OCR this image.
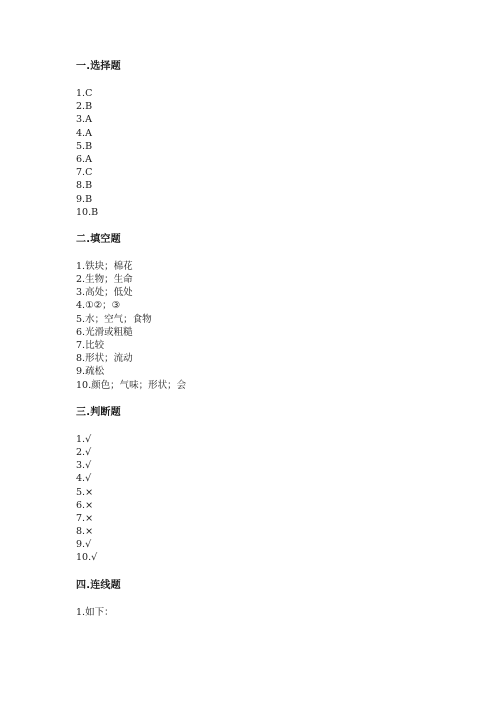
一.选择题
1.C
2.B
3.A
4.A
5.B
6.A
7.C
8.B
9.B
10.B
二.填空题
1.铁块；棉花
2.生物；生命
3.高处；低处
4.①②；③
5.水；空气；食物
6.光滑或粗糙
7.比较
8.形状；流动
9.疏松
10.颜色；气味；形状；会
三.判断题
1.√
2.√
3.√
4.√
5.×
6.×
7.×
8.×
9.√
10.√
四.连线题
1.如下：
